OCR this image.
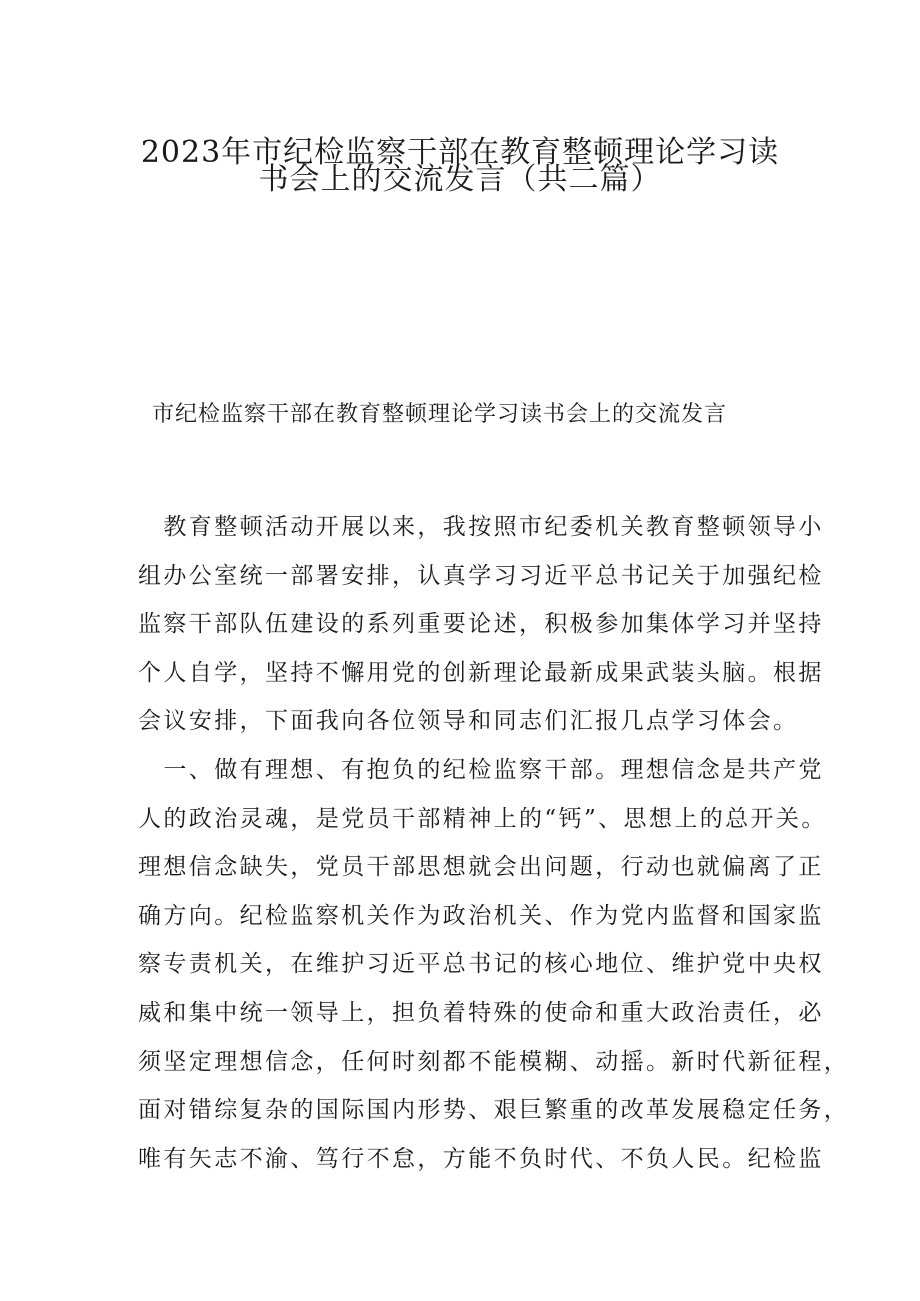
2023年市纪检监察干部在教育整顿理论学习读
书会上的交流发言（共二篇）

市纪检监察干部在教育整顿理论学习读书会上的交流发言

　教育整顿活动开展以来，我按照市纪委机关教育整顿领导小
组办公室统一部署安排，认真学习习近平总书记关于加强纪检
监察干部队伍建设的系列重要论述，积极参加集体学习并坚持
个人自学，坚持不懈用党的创新理论最新成果武装头脑。根据
会议安排，下面我向各位领导和同志们汇报几点学习体会。
　一、做有理想、有抱负的纪检监察干部。理想信念是共产党
人的政治灵魂，是党员干部精神上的“钙”、思想上的总开关。
理想信念缺失，党员干部思想就会出问题，行动也就偏离了正
确方向。纪检监察机关作为政治机关、作为党内监督和国家监
察专责机关，在维护习近平总书记的核心地位、维护党中央权
威和集中统一领导上，担负着特殊的使命和重大政治责任，必
须坚定理想信念，任何时刻都不能模糊、动摇。新时代新征程，
面对错综复杂的国际国内形势、艰巨繁重的改革发展稳定任务，
唯有矢志不渝、笃行不怠，方能不负时代、不负人民。纪检监
